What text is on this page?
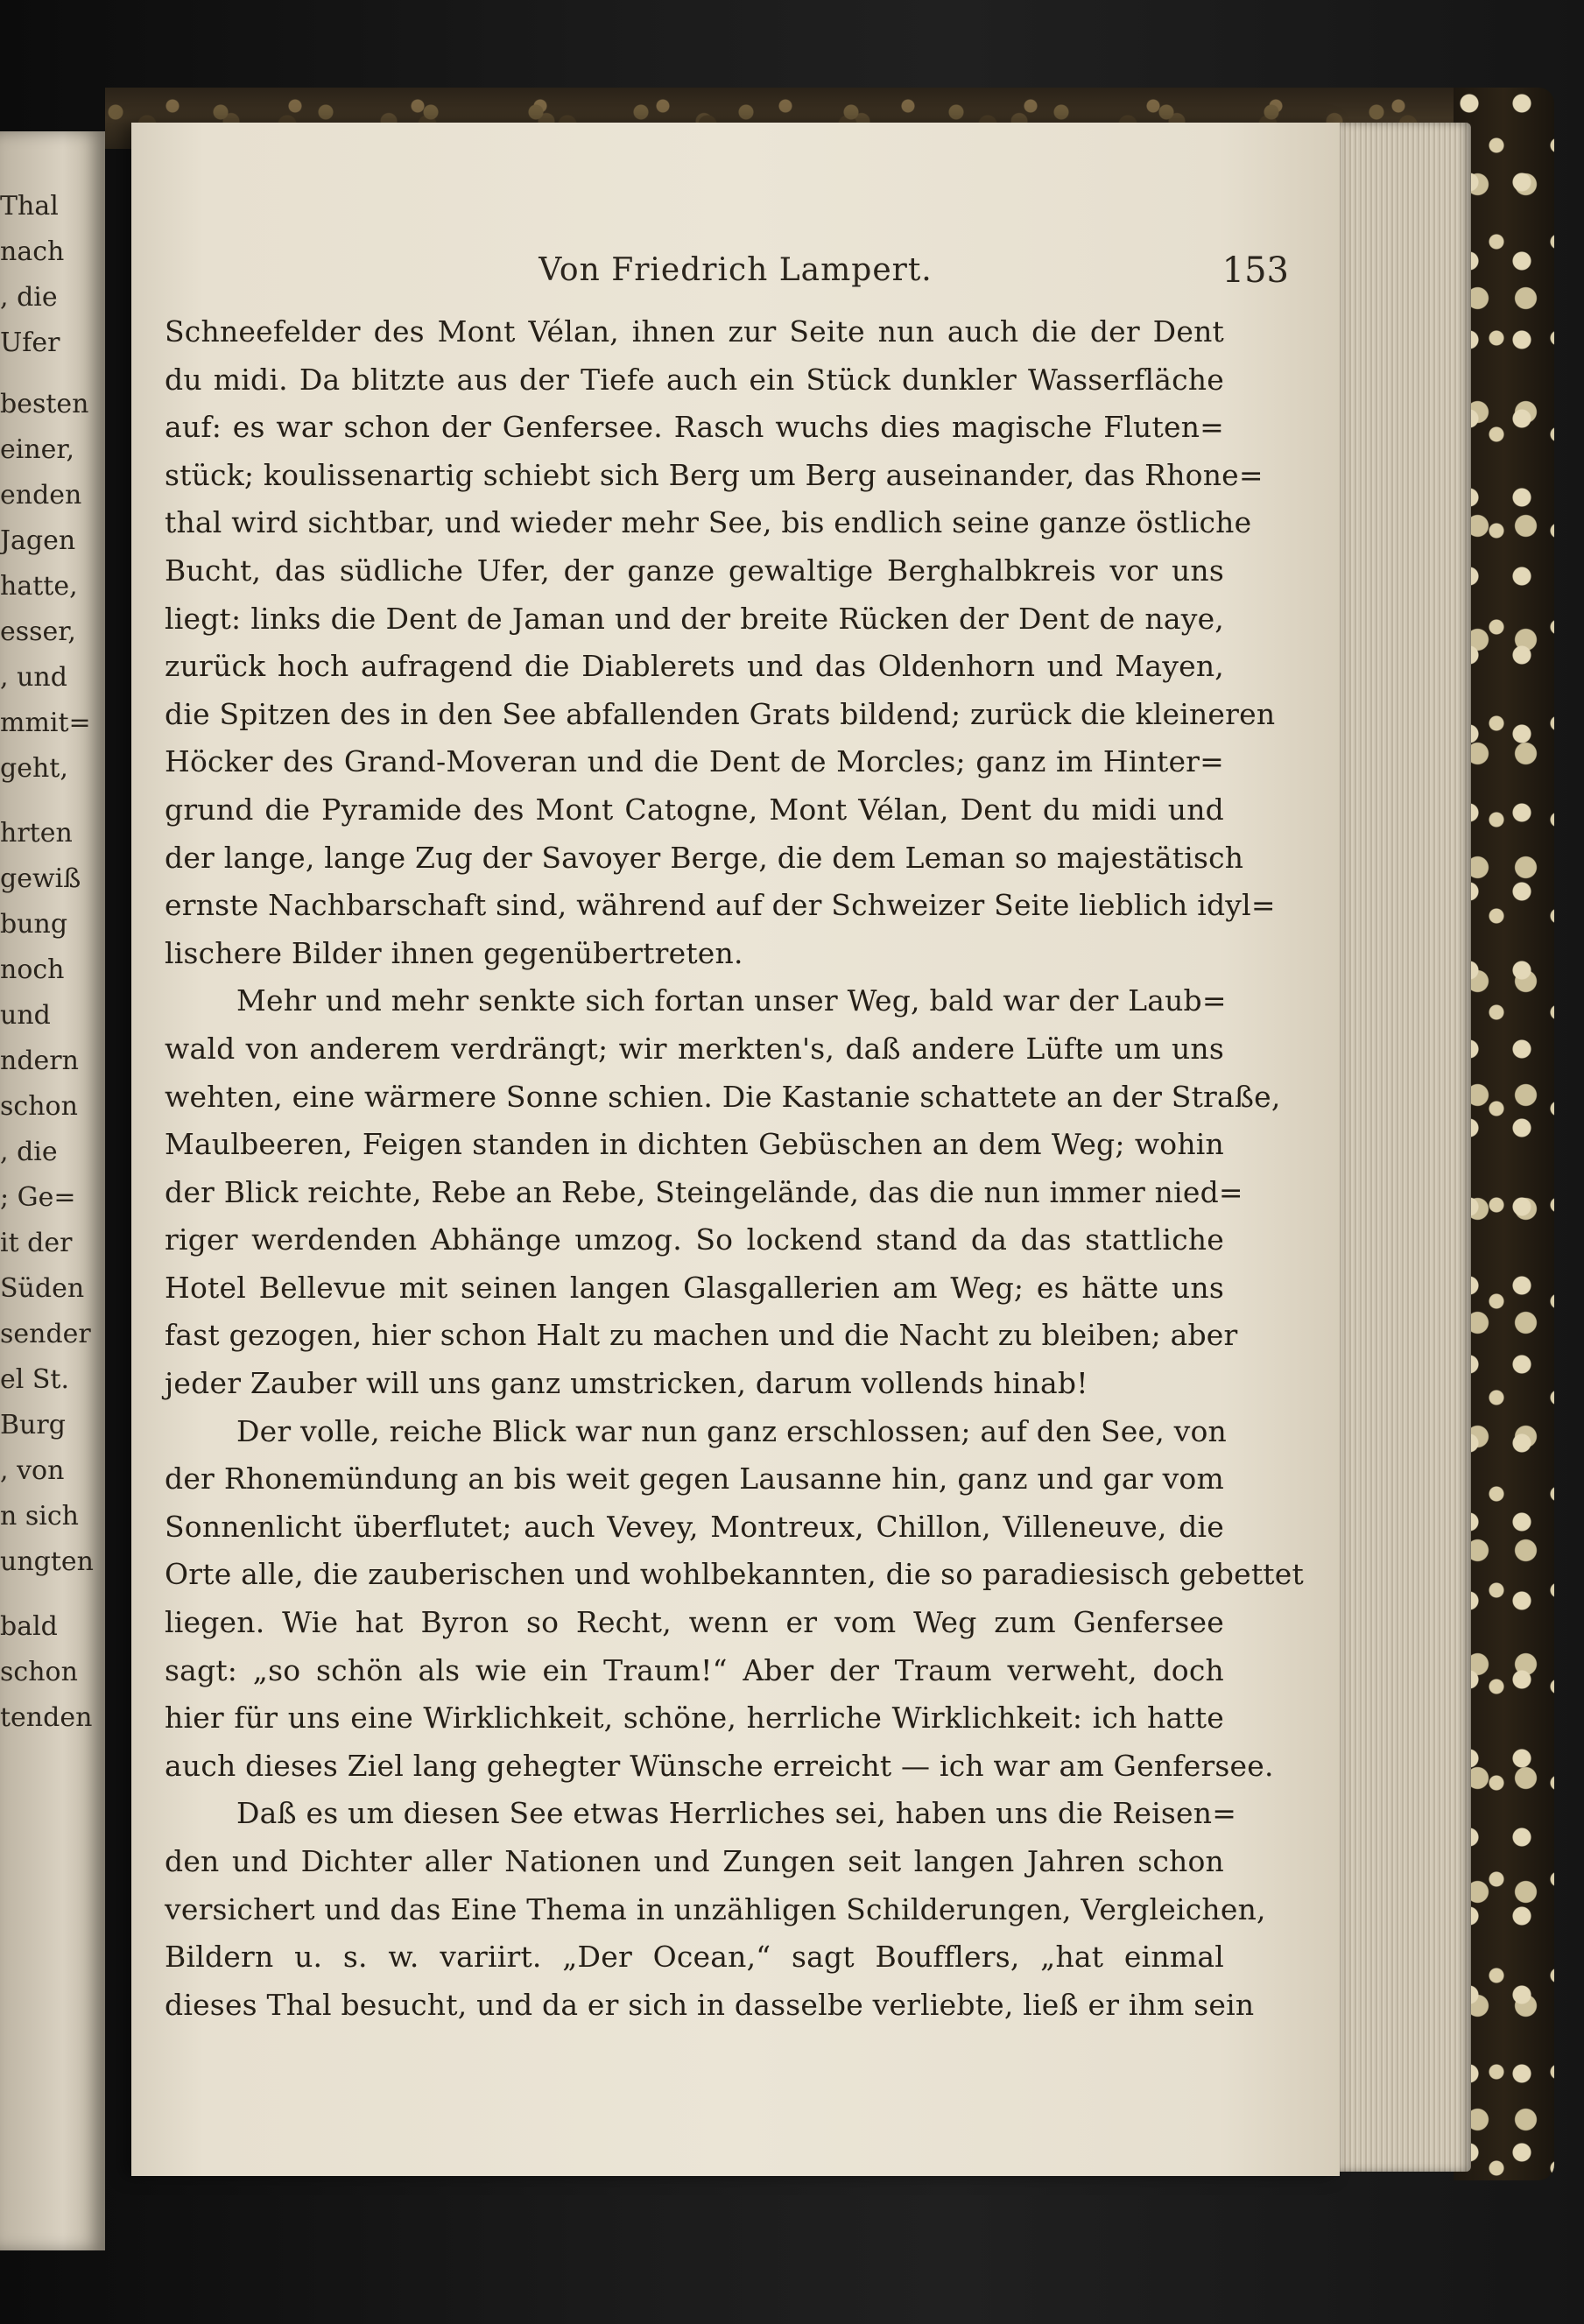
Thal
nach
, die
Ufer
besten
einer,
enden
Jagen
hatte,
esser,
, und
mmit=
geht,
hrten
gewiß
bung
noch
und
ndern
schon
, die
; Ge=
it der
Süden
sender
el St.
Burg
, von
n sich
ungten
bald
schon
tenden
Von Friedrich Lampert.	153
Schneefelder des Mont Vélan, ihnen zur Seite nun auch die der Dent
du midi. Da blitzte aus der Tiefe auch ein Stück dunkler Wasserfläche
auf: es war schon der Genfersee. Rasch wuchs dies magische Fluten=
stück; koulissenartig schiebt sich Berg um Berg auseinander, das Rhone=
thal wird sichtbar, und wieder mehr See, bis endlich seine ganze östliche
Bucht, das südliche Ufer, der ganze gewaltige Berghalbkreis vor uns
liegt: links die Dent de Jaman und der breite Rücken der Dent de naye,
zurück hoch aufragend die Diablerets und das Oldenhorn und Mayen,
die Spitzen des in den See abfallenden Grats bildend; zurück die kleineren
Höcker des Grand-Moveran und die Dent de Morcles; ganz im Hinter=
grund die Pyramide des Mont Catogne, Mont Vélan, Dent du midi und
der lange, lange Zug der Savoyer Berge, die dem Leman so majestätisch
ernste Nachbarschaft sind, während auf der Schweizer Seite lieblich idyl=
lischere Bilder ihnen gegenübertreten.
Mehr und mehr senkte sich fortan unser Weg, bald war der Laub=
wald von anderem verdrängt; wir merkten's, daß andere Lüfte um uns
wehten, eine wärmere Sonne schien. Die Kastanie schattete an der Straße,
Maulbeeren, Feigen standen in dichten Gebüschen an dem Weg; wohin
der Blick reichte, Rebe an Rebe, Steingelände, das die nun immer nied=
riger werdenden Abhänge umzog. So lockend stand da das stattliche
Hotel Bellevue mit seinen langen Glasgallerien am Weg; es hätte uns
fast gezogen, hier schon Halt zu machen und die Nacht zu bleiben; aber
jeder Zauber will uns ganz umstricken, darum vollends hinab!
Der volle, reiche Blick war nun ganz erschlossen; auf den See, von
der Rhonemündung an bis weit gegen Lausanne hin, ganz und gar vom
Sonnenlicht überflutet; auch Vevey, Montreux, Chillon, Villeneuve, die
Orte alle, die zauberischen und wohlbekannten, die so paradiesisch gebettet
liegen. Wie hat Byron so Recht, wenn er vom Weg zum Genfersee
sagt: „so schön als wie ein Traum!“ Aber der Traum verweht, doch
hier für uns eine Wirklichkeit, schöne, herrliche Wirklichkeit: ich hatte
auch dieses Ziel lang gehegter Wünsche erreicht — ich war am Genfersee.
Daß es um diesen See etwas Herrliches sei, haben uns die Reisen=
den und Dichter aller Nationen und Zungen seit langen Jahren schon
versichert und das Eine Thema in unzähligen Schilderungen, Vergleichen,
Bildern u. s. w. variirt. „Der Ocean,“ sagt Boufflers, „hat einmal
dieses Thal besucht, und da er sich in dasselbe verliebte, ließ er ihm sein
